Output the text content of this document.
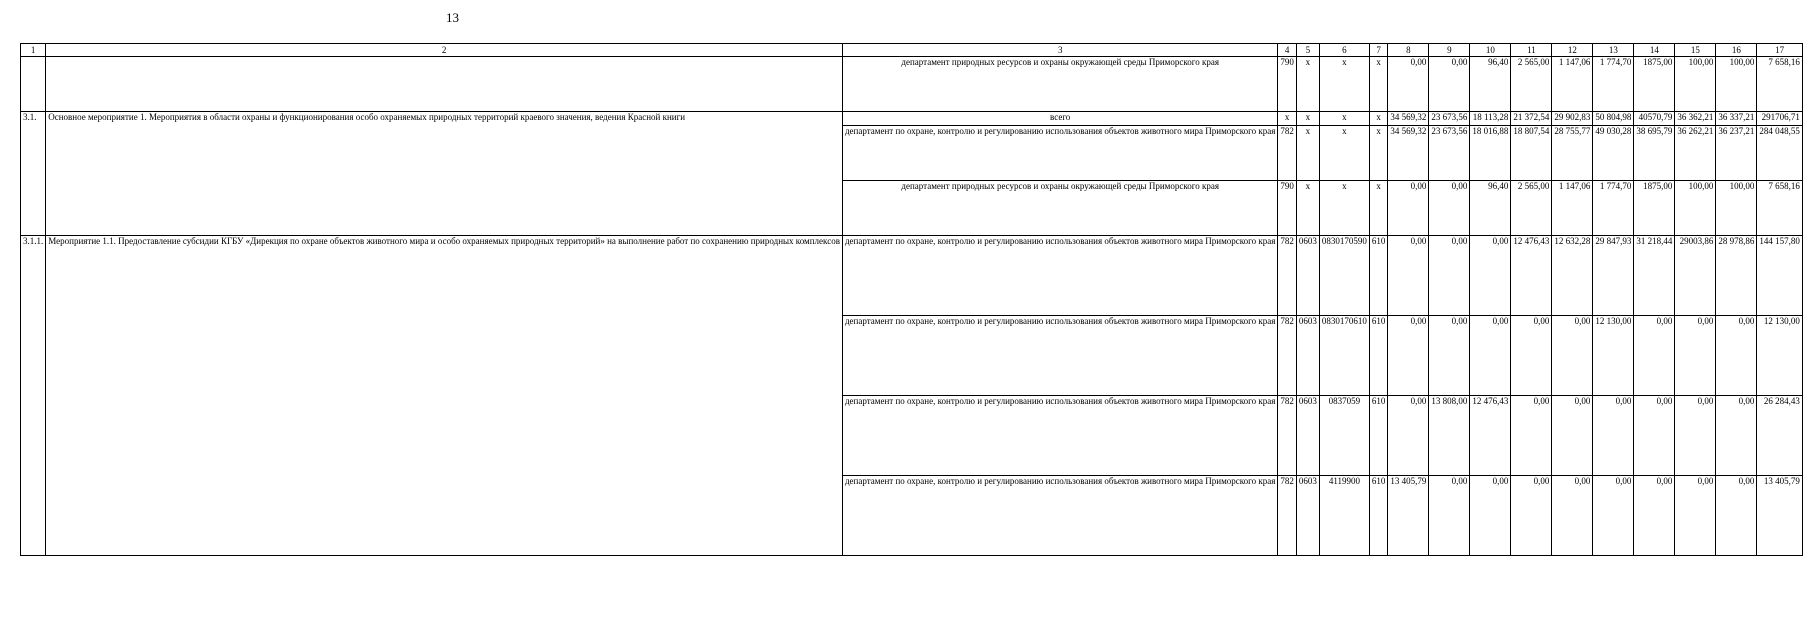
13
1	2	3	4	5	6	7	8	9	10	11	12	13	14	15	16	17
		департамент природных ресурсов и охраны окружающей среды Приморского края	790	х	х	х	0,00	0,00	96,40	2 565,00	1 147,06	1 774,70	1875,00	100,00	100,00	7 658,16
3.1.	Основное мероприятие 1. Мероприятия в области охраны и функционирования особо охраняемых природных территорий краевого значения, ведения Красной книги	всего	х	х	х	х	34 569,32	23 673,56	18 113,28	21 372,54	29 902,83	50 804,98	40570,79	36 362,21	36 337,21	291706,71
		департамент по охране, контролю и регулированию использования объектов животного мира Приморского края	782	х	х	х	34 569,32	23 673,56	18 016,88	18 807,54	28 755,77	49 030,28	38 695,79	36 262,21	36 237,21	284 048,55
		департамент природных ресурсов и охраны окружающей среды Приморского края	790	х	х	х	0,00	0,00	96,40	2 565,00	1 147,06	1 774,70	1875,00	100,00	100,00	7 658,16
3.1.1.	Мероприятие 1.1. Предоставление субсидии КГБУ «Дирекция по охране объектов животного мира и особо охраняемых природных территорий» на выполнение работ по сохранению природных комплексов	департамент по охране, контролю и регулированию использования объектов животного мира Приморского края	782	0603	0830170590	610	0,00	0,00	0,00	12 476,43	12 632,28	29 847,93	31 218,44	29003,86	28 978,86	144 157,80
		департамент по охране, контролю и регулированию использования объектов животного мира Приморского края	782	0603	0830170610	610	0,00	0,00	0,00	0,00	0,00	12 130,00	0,00	0,00	0,00	12 130,00
		департамент по охране, контролю и регулированию использования объектов животного мира Приморского края	782	0603	0837059	610	0,00	13 808,00	12 476,43	0,00	0,00	0,00	0,00	0,00	0,00	26 284,43
		департамент по охране, контролю и регулированию использования объектов животного мира Приморского края	782	0603	4119900	610	13 405,79	0,00	0,00	0,00	0,00	0,00	0,00	0,00	0,00	13 405,79
